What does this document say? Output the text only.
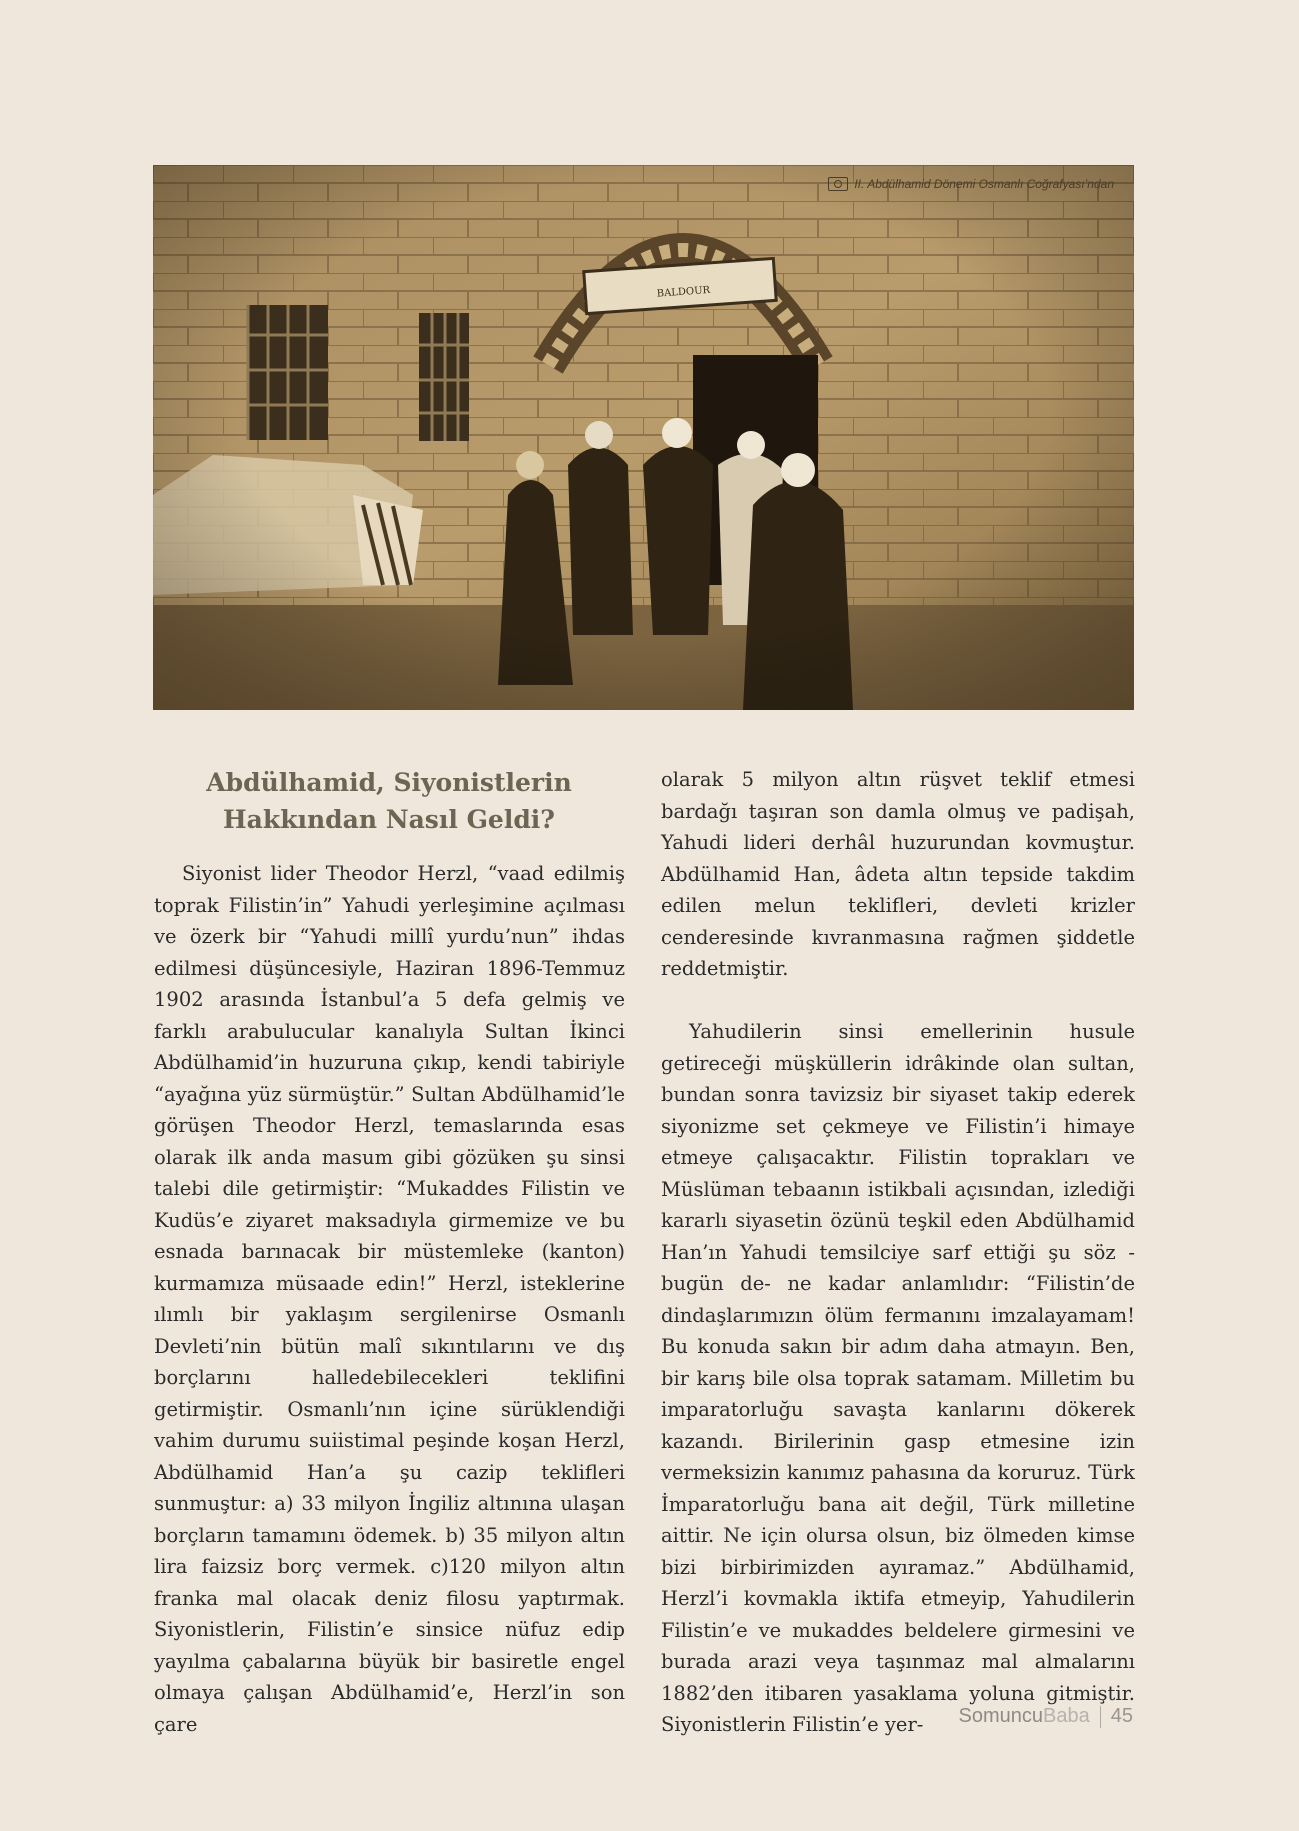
II. Abdülhamid Dönemi Osmanlı Coğrafyası’ndan
Abdülhamid, Siyonistlerin
Hakkından Nasıl Geldi?

Siyonist lider Theodor Herzl, “vaad edilmiş toprak Filistin’in” Yahudi yerleşimine açılması ve özerk bir “Yahudi millî yurdu’nun” ihdas edilmesi düşüncesiyle, Haziran 1896-Temmuz 1902 arasında İstanbul’a 5 defa gelmiş ve farklı arabulucular kanalıyla Sultan İkinci Abdülhamid’in huzuruna çıkıp, kendi tabiriyle “ayağına yüz sürmüştür.” Sultan Abdülhamid’le görüşen Theodor Herzl, temaslarında esas olarak ilk anda masum gibi gözüken şu sinsi talebi dile getirmiştir: “Mukaddes Filistin ve Kudüs’e ziyaret maksadıyla girmemize ve bu esnada barınacak bir müstemleke (kanton) kurmamıza müsaade edin!” Herzl, isteklerine ılımlı bir yaklaşım sergilenirse Osmanlı Devleti’nin bütün malî sıkıntılarını ve dış borçlarını halledebilecekleri teklifini getirmiştir. Osmanlı’nın içine sürüklendiği vahim durumu suiistimal peşinde koşan Herzl, Abdülhamid Han’a şu cazip teklifleri sunmuştur: a) 33 milyon İngiliz altınına ulaşan borçların tamamını ödemek. b) 35 milyon altın lira faizsiz borç vermek. c)120 milyon altın franka mal olacak deniz filosu yaptırmak. Siyonistlerin, Filistin’e sinsice nüfuz edip yayılma çabalarına büyük bir basiretle engel olmaya çalışan Abdülhamid’e, Herzl’in son çare

olarak 5 milyon altın rüşvet teklif etmesi bardağı taşıran son damla olmuş ve padişah, Yahudi lideri derhâl huzurundan kovmuştur. Abdülhamid Han, âdeta altın tepside takdim edilen melun teklifleri, devleti krizler cenderesinde kıvranmasına rağmen şiddetle reddetmiştir.

Yahudilerin sinsi emellerinin husule getireceği müşküllerin idrâkinde olan sultan, bundan sonra tavizsiz bir siyaset takip ederek siyonizme set çekmeye ve Filistin’i himaye etmeye çalışacaktır. Filistin toprakları ve Müslüman tebaanın istikbali açısından, izlediği kararlı siyasetin özünü teşkil eden Abdülhamid Han’ın Yahudi temsilciye sarf ettiği şu söz -bugün de- ne kadar anlamlıdır: “Filistin’de dindaşlarımızın ölüm fermanını imzalayamam! Bu konuda sakın bir adım daha atmayın. Ben, bir karış bile olsa toprak satamam. Milletim bu imparatorluğu savaşta kanlarını dökerek kazandı. Birilerinin gasp etmesine izin vermeksizin kanımız pahasına da koruruz. Türk İmparatorluğu bana ait değil, Türk milletine aittir. Ne için olursa olsun, biz ölmeden kimse bizi birbirimizden ayıramaz.” Abdülhamid, Herzl’i kovmakla iktifa etmeyip, Yahudilerin Filistin’e ve mukaddes beldelere girmesini ve burada arazi veya taşınmaz mal almalarını 1882’den itibaren yasaklama yoluna gitmiştir. Siyonistlerin Filistin’e yer-	SomuncuBaba 45
